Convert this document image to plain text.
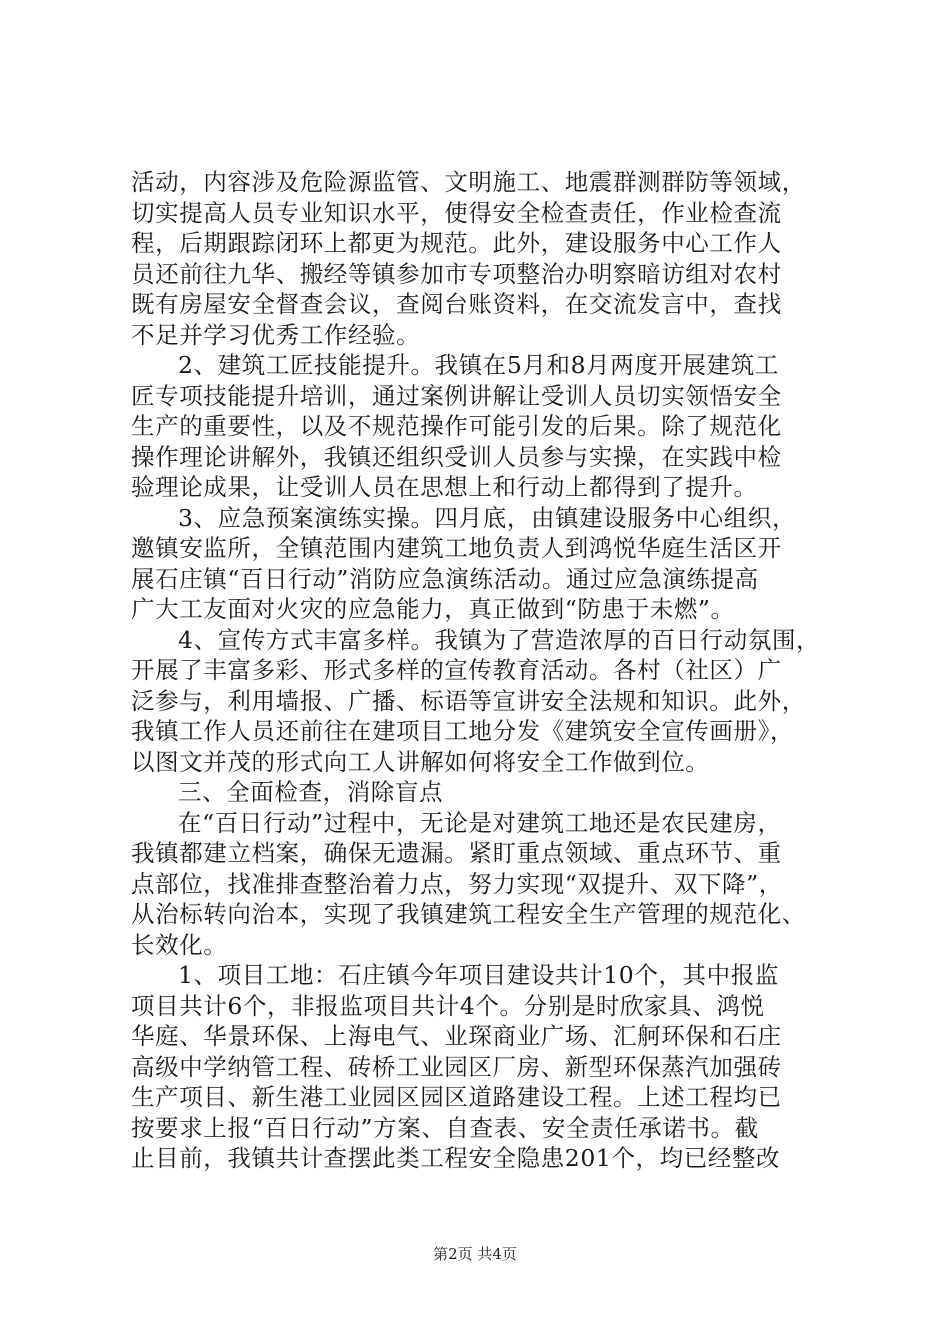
活动，内容涉及危险源监管、文明施工、地震群测群防等领域，
切实提高人员专业知识水平，使得安全检查责任，作业检查流
程，后期跟踪闭环上都更为规范。此外，建设服务中心工作人
员还前往九华、搬经等镇参加市专项整治办明察暗访组对农村
既有房屋安全督查会议，查阅台账资料，在交流发言中，查找
不足并学习优秀工作经验。
2、建筑工匠技能提升。我镇在5月和8月两度开展建筑工
匠专项技能提升培训，通过案例讲解让受训人员切实领悟安全
生产的重要性，以及不规范操作可能引发的后果。除了规范化
操作理论讲解外，我镇还组织受训人员参与实操，在实践中检
验理论成果，让受训人员在思想上和行动上都得到了提升。
3、应急预案演练实操。四月底，由镇建设服务中心组织，
邀镇安监所，全镇范围内建筑工地负责人到鸿悦华庭生活区开
展石庄镇“百日行动”消防应急演练活动。通过应急演练提高
广大工友面对火灾的应急能力，真正做到“防患于未燃”。
4、宣传方式丰富多样。我镇为了营造浓厚的百日行动氛围，
开展了丰富多彩、形式多样的宣传教育活动。各村（社区）广
泛参与，利用墙报、广播、标语等宣讲安全法规和知识。此外，
我镇工作人员还前往在建项目工地分发《建筑安全宣传画册》，
以图文并茂的形式向工人讲解如何将安全工作做到位。
三、全面检查，消除盲点
在“百日行动”过程中，无论是对建筑工地还是农民建房，
我镇都建立档案，确保无遗漏。紧盯重点领域、重点环节、重
点部位，找准排查整治着力点，努力实现“双提升、双下降”，
从治标转向治本，实现了我镇建筑工程安全生产管理的规范化、
长效化。
1、项目工地：石庄镇今年项目建设共计10个，其中报监
项目共计6个，非报监项目共计4个。分别是时欣家具、鸿悦
华庭、华景环保、上海电气、业琛商业广场、汇舸环保和石庄
高级中学纳管工程、砖桥工业园区厂房、新型环保蒸汽加强砖
生产项目、新生港工业园区园区道路建设工程。上述工程均已
按要求上报“百日行动”方案、自查表、安全责任承诺书。截
止目前，我镇共计查摆此类工程安全隐患201个，均已经整改
第2页 共4页
